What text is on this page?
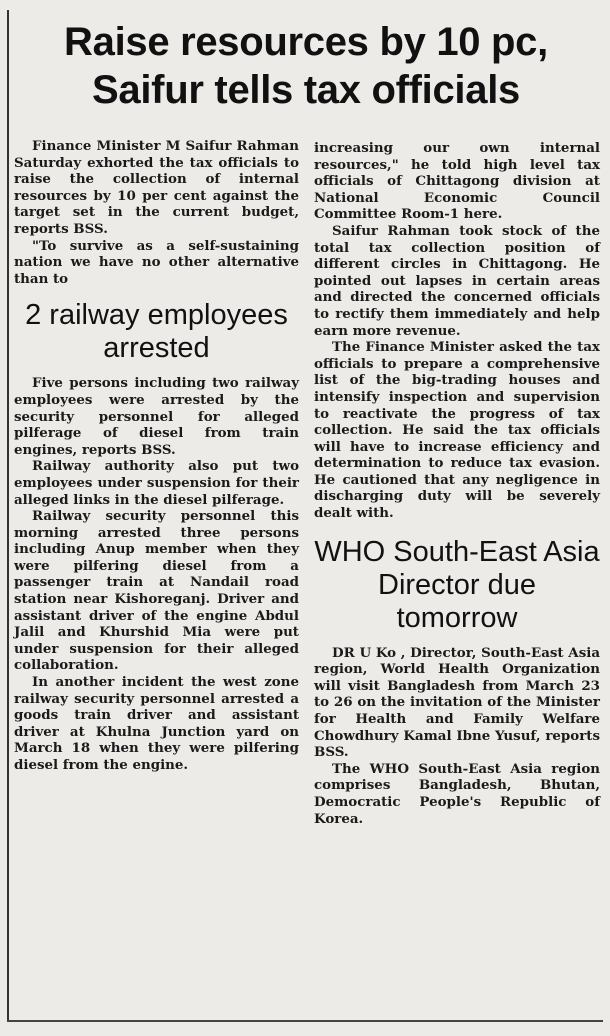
Raise resources by 10 pc,
Saifur tells tax officials

Finance Minister M Saifur Rahman Saturday exhorted the tax officials to raise the collection of internal resources by 10 per cent against the target set in the current budget, reports BSS.

"To survive as a self-sustaining nation we have no other alternative than to

2 railway employees arrested

Five persons including two railway employees were arrested by the security personnel for alleged pilferage of diesel from train engines, reports BSS.

Railway authority also put two employees under suspension for their alleged links in the diesel pilferage.

Railway security personnel this morning arrested three persons including Anup member when they were pilfering diesel from a passenger train at Nandail road station near Kishoreganj. Driver and assistant driver of the engine Abdul Jalil and Khurshid Mia were put under suspension for their alleged collaboration.

In another incident the west zone railway security personnel arrested a goods train driver and assistant driver at Khulna Junction yard on March 18 when they were pilfering diesel from the engine.

increasing our own internal resources," he told high level tax officials of Chittagong division at National Economic Council Committee Room-1 here.

Saifur Rahman took stock of the total tax collection position of different circles in Chittagong. He pointed out lapses in certain areas and directed the concerned officials to rectify them immediately and help earn more revenue.

The Finance Minister asked the tax officials to prepare a comprehensive list of the big-trading houses and intensify inspection and supervision to reactivate the progress of tax collection. He said the tax officials will have to increase efficiency and determination to reduce tax evasion. He cautioned that any negligence in discharging duty will be severely dealt with.

WHO South-East Asia Director due tomorrow

DR U Ko , Director, South-East Asia region, World Health Organization will visit Bangladesh from March 23 to 26 on the invitation of the Minister for Health and Family Welfare Chowdhury Kamal Ibne Yusuf, reports BSS.

The WHO South-East Asia region comprises Bangladesh, Bhutan, Democratic People's Republic of Korea.
